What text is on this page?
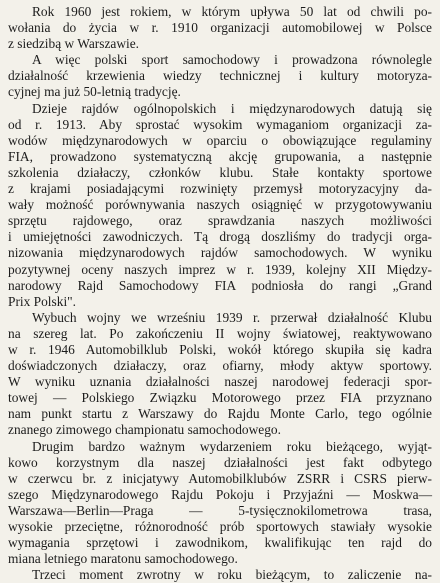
Rok 1960 jest rokiem, w którym upływa 50 lat od chwili po-
wołania do życia w r. 1910 organizacji automobilowej w Polsce
z siedzibą w Warszawie.
A więc polski sport samochodowy i prowadzona równolegle
działalność krzewienia wiedzy technicznej i kultury motoryza-
cyjnej ma już 50-letnią tradycję.
Dzieje rajdów ogólnopolskich i międzynarodowych datują się
od r. 1913. Aby sprostać wysokim wymaganiom organizacji za-
wodów międzynarodowych w oparciu o obowiązujące regulaminy
FIA, prowadzono systematyczną akcję grupowania, a następnie
szkolenia działaczy, członków klubu. Stałe kontakty sportowe
z krajami posiadającymi rozwinięty przemysł motoryzacyjny da-
wały możność porównywania naszych osiągnięć w przygotowywaniu
sprzętu rajdowego, oraz sprawdzania naszych możliwości
i umiejętności zawodniczych. Tą drogą doszliśmy do tradycji orga-
nizowania międzynarodowych rajdów samochodowych. W wyniku
pozytywnej oceny naszych imprez w r. 1939, kolejny XII Między-
narodowy Rajd Samochodowy FIA podniosła do rangi „Grand
Prix Polski".
Wybuch wojny we wrześniu 1939 r. przerwał działalność Klubu
na szereg lat. Po zakończeniu II wojny światowej, reaktywowano
w r. 1946 Automobilklub Polski, wokół którego skupiła się kadra
doświadczonych działaczy, oraz ofiarny, młody aktyw sportowy.
W wyniku uznania działalności naszej narodowej federacji spor-
towej — Polskiego Związku Motorowego przez FIA przyznano
nam punkt startu z Warszawy do Rajdu Monte Carlo, tego ogólnie
znanego zimowego championatu samochodowego.
Drugim bardzo ważnym wydarzeniem roku bieżącego, wyjąt-
kowo korzystnym dla naszej działalności jest fakt odbytego
w czerwcu br. z inicjatywy Automobilklubów ZSRR i CSRS pierw-
szego Międzynarodowego Rajdu Pokoju i Przyjaźni — Moskwa—
Warszawa—Berlin—Praga — 5-tysięcznokilometrowa trasa,
wysokie przeciętne, różnorodność prób sportowych stawiały wysokie
wymagania sprzętowi i zawodnikom, kwalifikując ten rajd do
miana letniego maratonu samochodowego.
Trzeci moment zwrotny w roku bieżącym, to zaliczenie na-
